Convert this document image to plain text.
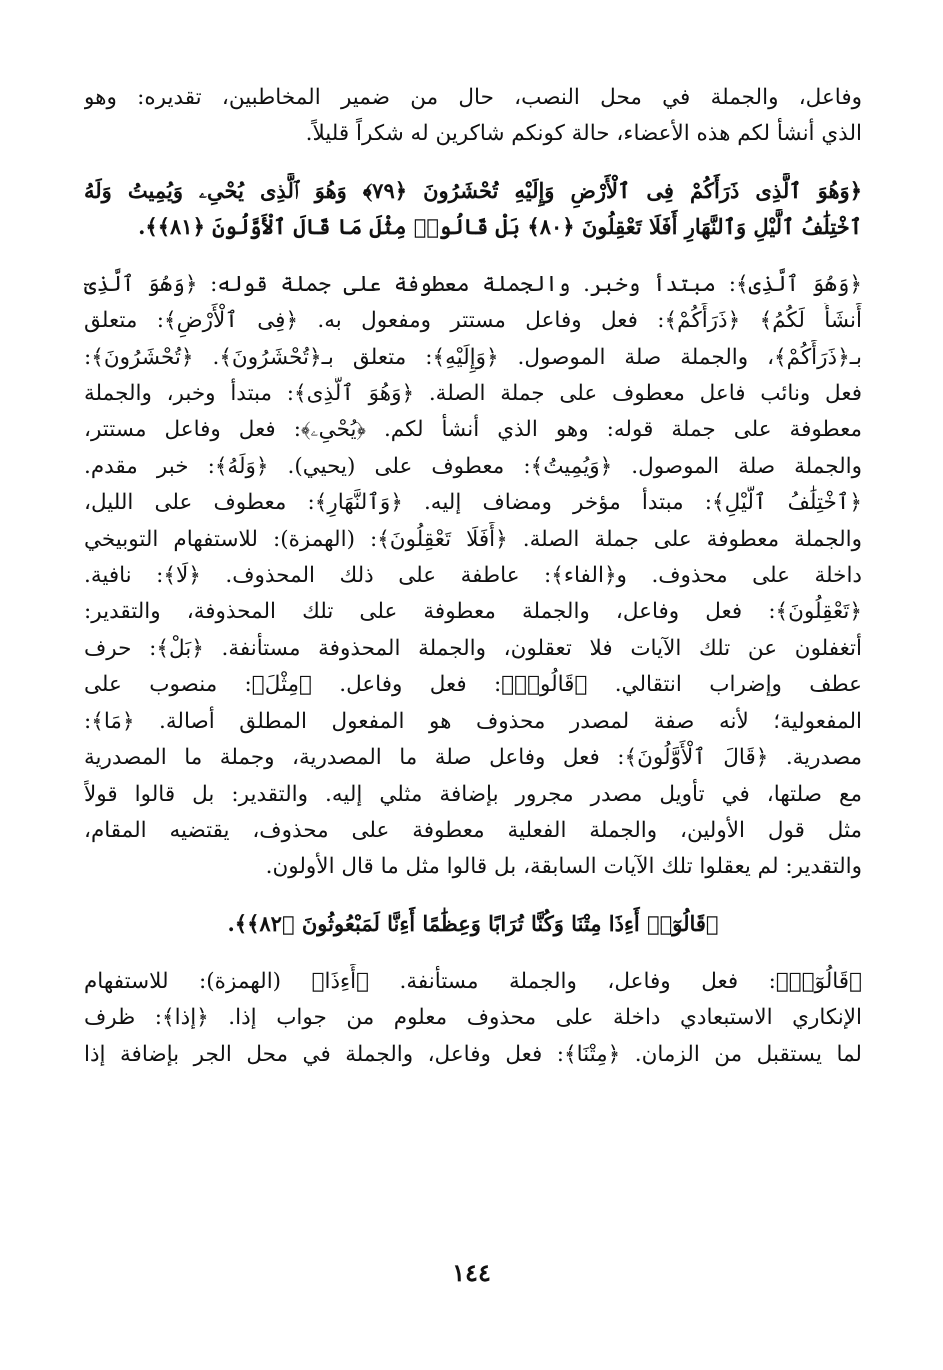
وفاعل، والجملة في محل النصب، حال من ضمير المخاطبين، تقديره: وهو
الذي أنشأ لكم هذه الأعضاء، حالة كونكم شاكرين له شكراً قليلاً.
﴿وَهُوَ ٱلَّذِى ذَرَأَكُمْ فِى ٱلْأَرْضِ وَإِلَيْهِ تُحْشَرُونَ ﴿٧٩﴾ وَهُوَ ٱلَّذِى يُحْىِۦ وَيُمِيتُ وَلَهُ
ٱخْتِلَٰفُ ٱلَّيْلِ وَٱلنَّهَارِ أَفَلَا تَعْقِلُونَ ﴿٨٠﴾ بَلْ قَالُوا۟ مِثْلَ مَا قَالَ ٱلْأَوَّلُونَ ﴿٨١﴾﴾.
﴿وَهُوَ ٱلَّذِى﴾: مبتدأ وخبر. والجملة معطوفة على جملة قوله: ﴿وَهُوَ ٱلَّذِىٓ
أَنشَأَ لَكُمُ﴾ ﴿ذَرَأَكُمْ﴾: فعل وفاعل مستتر ومفعول به. ﴿فِى ٱلْأَرْضِ﴾: متعلق
بـ﴿ذَرَأَكُمْ﴾، والجملة صلة الموصول. ﴿وَإِلَيْهِ﴾: متعلق بـ﴿تُحْشَرُونَ﴾. ﴿تُحْشَرُونَ﴾:
فعل ونائب فاعل معطوف على جملة الصلة. ﴿وَهُوَ ٱلَّذِى﴾: مبتدأ وخبر، والجملة
معطوفة على جملة قوله: وهو الذي أنشأ لكم. ﴿يُحْىِۦ﴾: فعل وفاعل مستتر،
والجملة صلة الموصول. ﴿وَيُمِيتُ﴾: معطوف على (يحيي). ﴿وَلَهُ﴾: خبر مقدم.
﴿ٱخْتِلَٰفُ ٱلَّيْلِ﴾: مبتدأ مؤخر ومضاف إليه. ﴿وَٱلنَّهَارِ﴾: معطوف على الليل،
والجملة معطوفة على جملة الصلة. ﴿أَفَلَا تَعْقِلُونَ﴾: (الهمزة): للاستفهام التوبيخي
داخلة على محذوف. و﴿الفاء﴾: عاطفة على ذلك المحذوف. ﴿لَا﴾: نافية.
﴿تَعْقِلُونَ﴾: فعل وفاعل، والجملة معطوفة على تلك المحذوفة، والتقدير:
أتغفلون عن تلك الآيات فلا تعقلون، والجملة المحذوفة مستأنفة. ﴿بَلْ﴾: حرف
عطف وإضراب انتقالي. ﴿قَالُوا۟﴾: فعل وفاعل. ﴿مِثْلَ﴾: منصوب على
المفعولية؛ لأنه صفة لمصدر محذوف هو المفعول المطلق أصالة. ﴿مَا﴾:
مصدرية. ﴿قَالَ ٱلْأَوَّلُونَ﴾: فعل وفاعل صلة ما المصدرية، وجملة ما المصدرية
مع صلتها، في تأويل مصدر مجرور بإضافة مثلي إليه. والتقدير: بل قالوا قولاً
مثل قول الأولين، والجملة الفعلية معطوفة على محذوف، يقتضيه المقام،
والتقدير: لم يعقلوا تلك الآيات السابقة، بل قالوا مثل ما قال الأولون.
﴿قَالُوٓا۟ أَءِذَا مِتْنَا وَكُنَّا تُرَابًا وَعِظَٰمًا أَءِنَّا لَمَبْعُوثُونَ ﴿٨٢﴾﴾.
﴿قَالُوٓا۟﴾: فعل وفاعل، والجملة مستأنفة. ﴿أَءِذَا﴾ (الهمزة): للاستفهام
الإنكاري الاستبعادي داخلة على محذوف معلوم من جواب إذا. ﴿إذا﴾: ظرف
لما يستقبل من الزمان. ﴿مِتْنَا﴾: فعل وفاعل، والجملة في محل الجر بإضافة إذا
١٤٤
